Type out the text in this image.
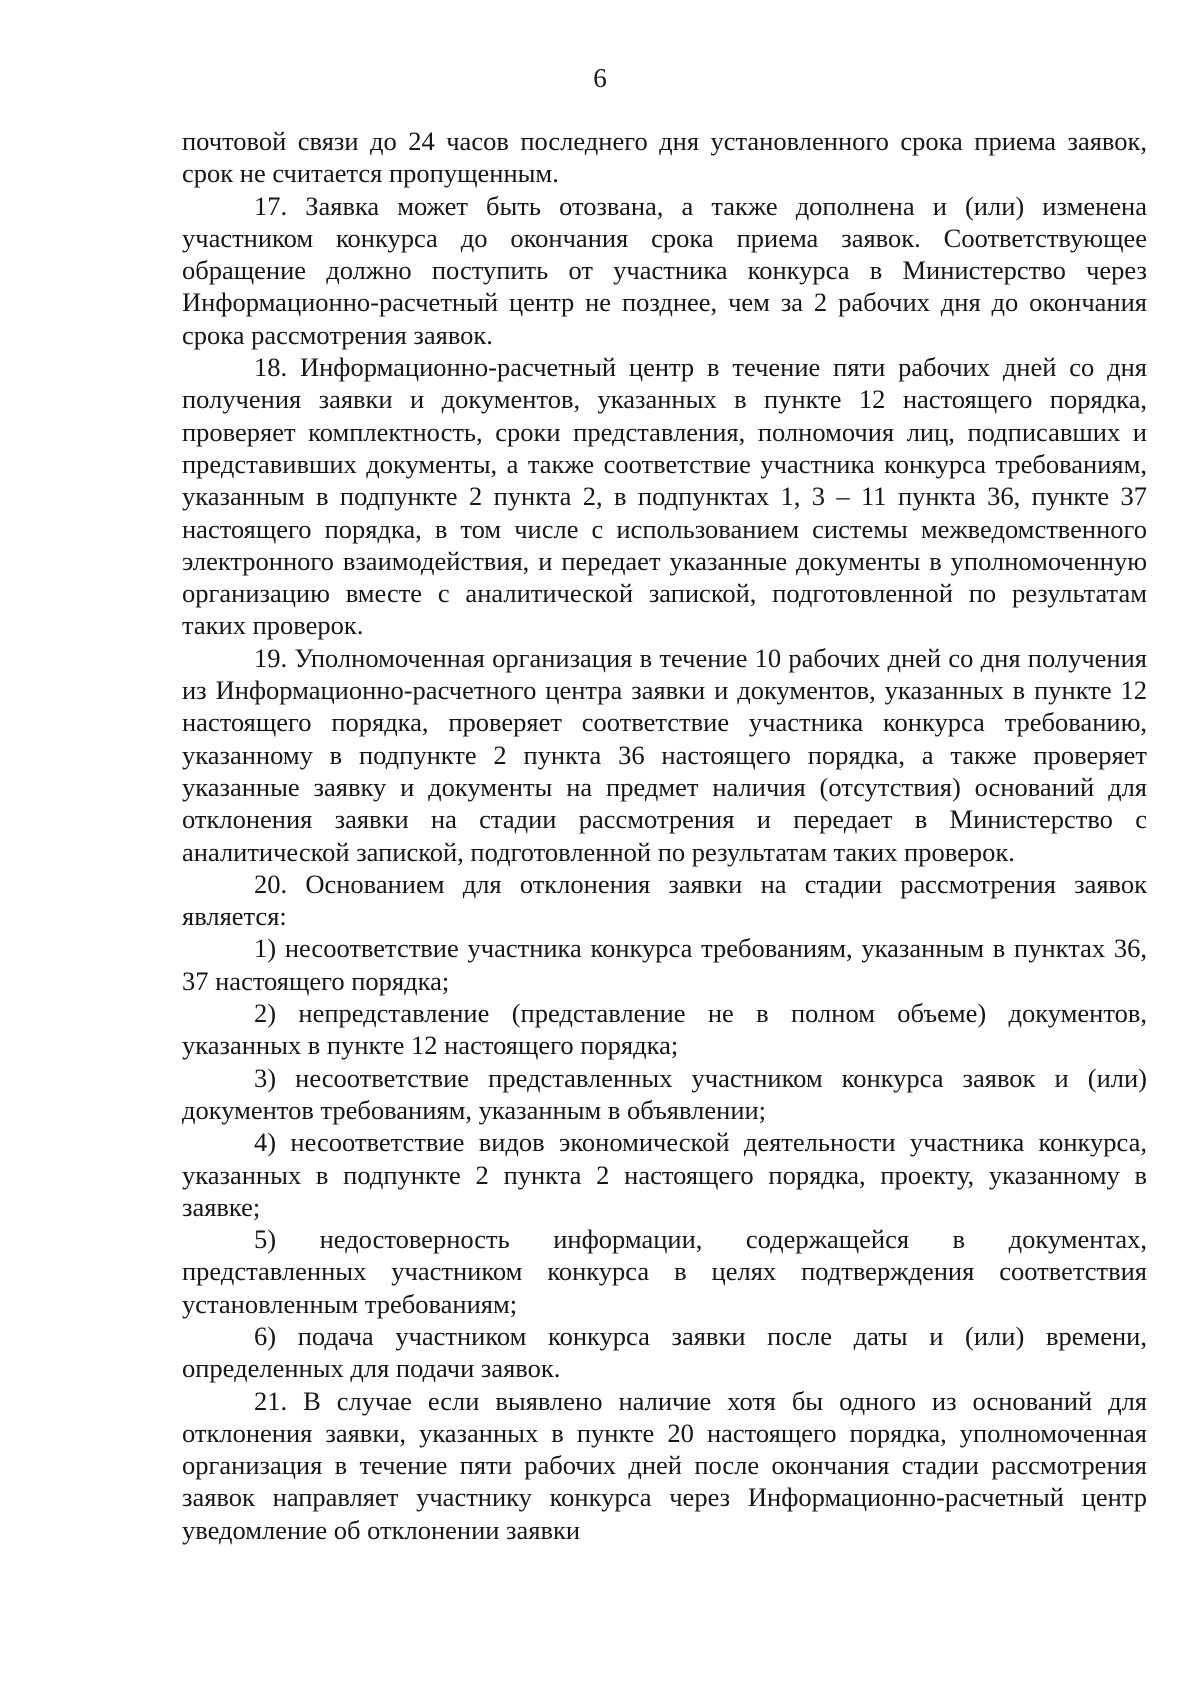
6

почтовой связи до 24 часов последнего дня установленного срока приема заявок, срок не считается пропущенным.

17. Заявка может быть отозвана, а также дополнена и (или) изменена участником конкурса до окончания срока приема заявок. Соответствующее обращение должно поступить от участника конкурса в Министерство через Информационно-расчетный центр не позднее, чем за 2 рабочих дня до окончания срока рассмотрения заявок.

18. Информационно-расчетный центр в течение пяти рабочих дней со дня получения заявки и документов, указанных в пункте 12 настоящего порядка, проверяет комплектность, сроки представления, полномочия лиц, подписавших и представивших документы, а также соответствие участника конкурса требованиям, указанным в подпункте 2 пункта 2, в подпунктах 1, 3 – 11 пункта 36, пункте 37 настоящего порядка, в том числе с использованием системы межведомственного электронного взаимодействия, и передает указанные документы в уполномоченную организацию вместе с аналитической запиской, подготовленной по результатам таких проверок.

19. Уполномоченная организация в течение 10 рабочих дней со дня получения из Информационно-расчетного центра заявки и документов, указанных в пункте 12 настоящего порядка, проверяет соответствие участника конкурса требованию, указанному в подпункте 2 пункта 36 настоящего порядка, а также проверяет указанные заявку и документы на предмет наличия (отсутствия) оснований для отклонения заявки на стадии рассмотрения и передает в Министерство с аналитической запиской, подготовленной по результатам таких проверок.

20. Основанием для отклонения заявки на стадии рассмотрения заявок является:

1) несоответствие участника конкурса требованиям, указанным в пунктах 36, 37 настоящего порядка;

2) непредставление (представление не в полном объеме) документов, указанных в пункте 12 настоящего порядка;

3) несоответствие представленных участником конкурса заявок и (или) документов требованиям, указанным в объявлении;

4) несоответствие видов экономической деятельности участника конкурса, указанных в подпункте 2 пункта 2 настоящего порядка, проекту, указанному в заявке;

5) недостоверность информации, содержащейся в документах, представленных участником конкурса в целях подтверждения соответствия установленным требованиям;

6) подача участником конкурса заявки после даты и (или) времени, определенных для подачи заявок.

21. В случае если выявлено наличие хотя бы одного из оснований для отклонения заявки, указанных в пункте 20 настоящего порядка, уполномоченная организация в течение пяти рабочих дней после окончания стадии рассмотрения заявок направляет участнику конкурса через Информационно-расчетный центр уведомление об отклонении заявки
